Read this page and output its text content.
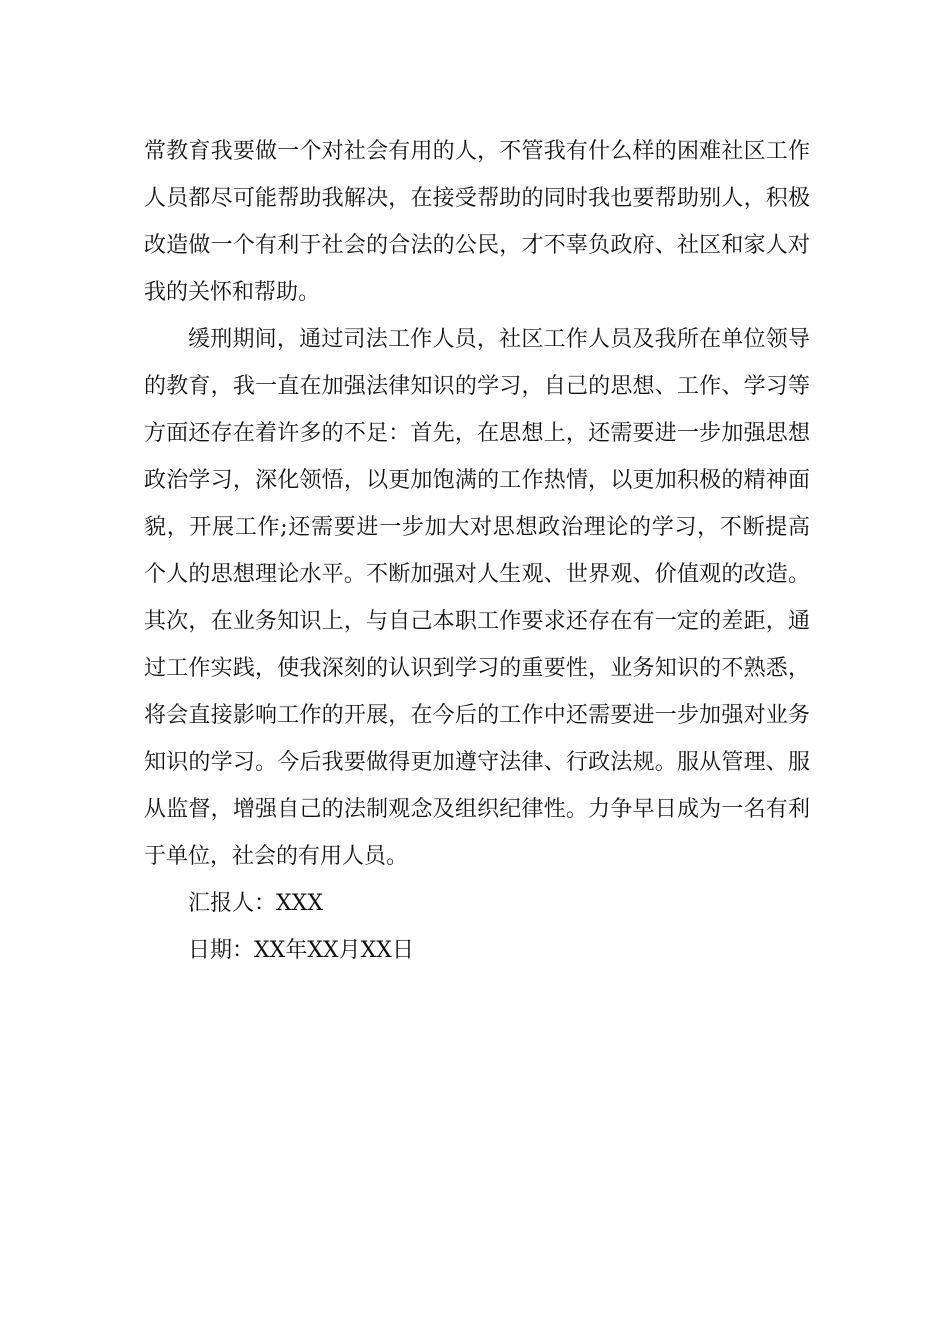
常教育我要做一个对社会有用的人，不管我有什么样的困难社区工作人员都尽可能帮助我解决，在接受帮助的同时我也要帮助别人，积极改造做一个有利于社会的合法的公民，才不辜负政府、社区和家人对我的关怀和帮助。

缓刑期间，通过司法工作人员，社区工作人员及我所在单位领导的教育，我一直在加强法律知识的学习，自己的思想、工作、学习等方面还存在着许多的不足：首先，在思想上，还需要进一步加强思想政治学习，深化领悟，以更加饱满的工作热情，以更加积极的精神面貌，开展工作;还需要进一步加大对思想政治理论的学习，不断提高个人的思想理论水平。不断加强对人生观、世界观、价值观的改造。其次，在业务知识上，与自己本职工作要求还存在有一定的差距，通过工作实践，使我深刻的认识到学习的重要性，业务知识的不熟悉，将会直接影响工作的开展，在今后的工作中还需要进一步加强对业务知识的学习。今后我要做得更加遵守法律、行政法规。服从管理、服从监督，增强自己的法制观念及组织纪律性。力争早日成为一名有利于单位，社会的有用人员。

汇报人：XXX

日期：XX年XX月XX日
